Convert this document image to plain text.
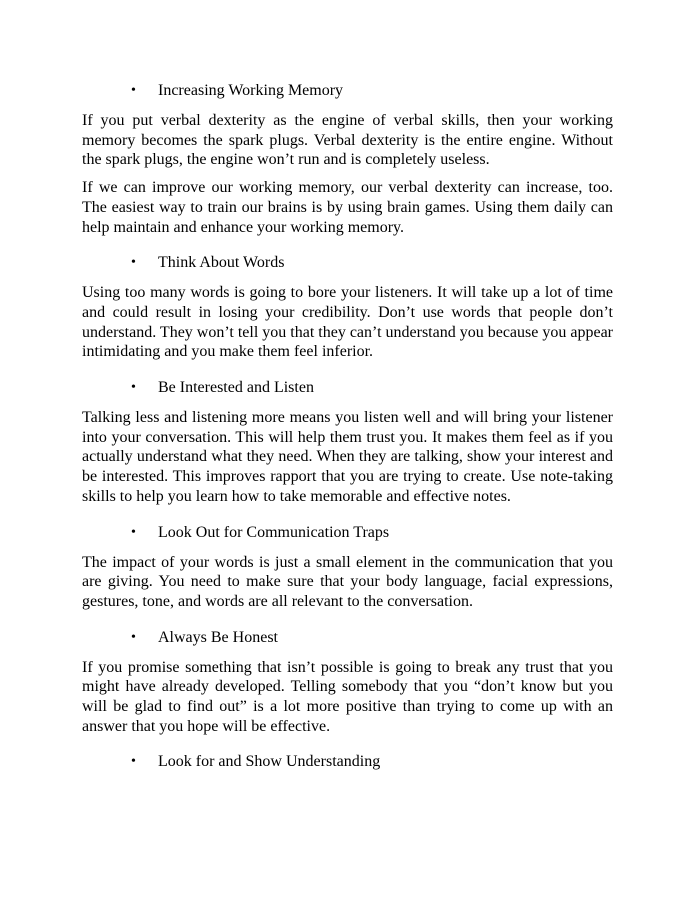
• Increasing Working Memory

If you put verbal dexterity as the engine of verbal skills, then your working memory becomes the spark plugs. Verbal dexterity is the entire engine. Without the spark plugs, the engine won’t run and is completely useless.

If we can improve our working memory, our verbal dexterity can increase, too. The easiest way to train our brains is by using brain games. Using them daily can help maintain and enhance your working memory.

• Think About Words

Using too many words is going to bore your listeners. It will take up a lot of time and could result in losing your credibility. Don’t use words that people don’t understand. They won’t tell you that they can’t understand you because you appear intimidating and you make them feel inferior.

• Be Interested and Listen

Talking less and listening more means you listen well and will bring your listener into your conversation. This will help them trust you. It makes them feel as if you actually understand what they need. When they are talking, show your interest and be interested. This improves rapport that you are trying to create. Use note-taking skills to help you learn how to take memorable and effective notes.

• Look Out for Communication Traps

The impact of your words is just a small element in the communication that you are giving. You need to make sure that your body language, facial expressions, gestures, tone, and words are all relevant to the conversation.

• Always Be Honest

If you promise something that isn’t possible is going to break any trust that you might have already developed. Telling somebody that you “don’t know but you will be glad to find out” is a lot more positive than trying to come up with an answer that you hope will be effective.

• Look for and Show Understanding
